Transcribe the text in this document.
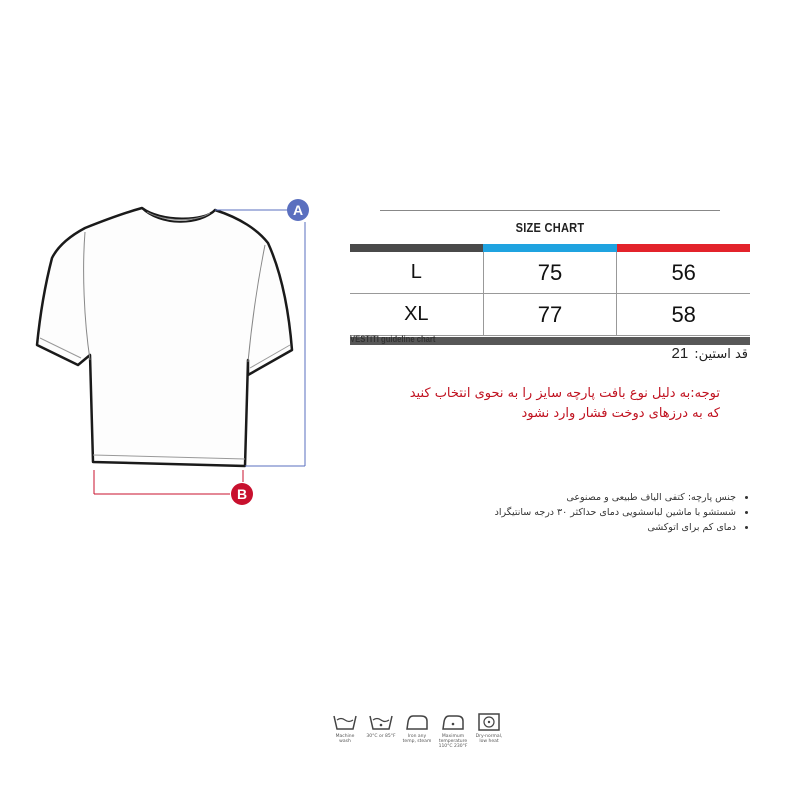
A
B
SIZE CHART
L	75	56
XL	77	58
VESTITI guideline chart
21 قد استین:
توجه:به دلیل نوع بافت پارچه سایز را به نحوی انتخاب کنید
که به درزهای دوخت فشار وارد نشود
• جنس پارچه: کتفی الیاف طبیعی و مصنوعی
• شستشو با ماشین لباسشویی دمای حداکثر ۳۰ درجه سانتیگراد
• دمای کم برای اتوکشی
Machine wash
30°C or 85°F	Iron any temp, steam
Maximum temperature 110°C 230°F
Dry-normal, low heat
